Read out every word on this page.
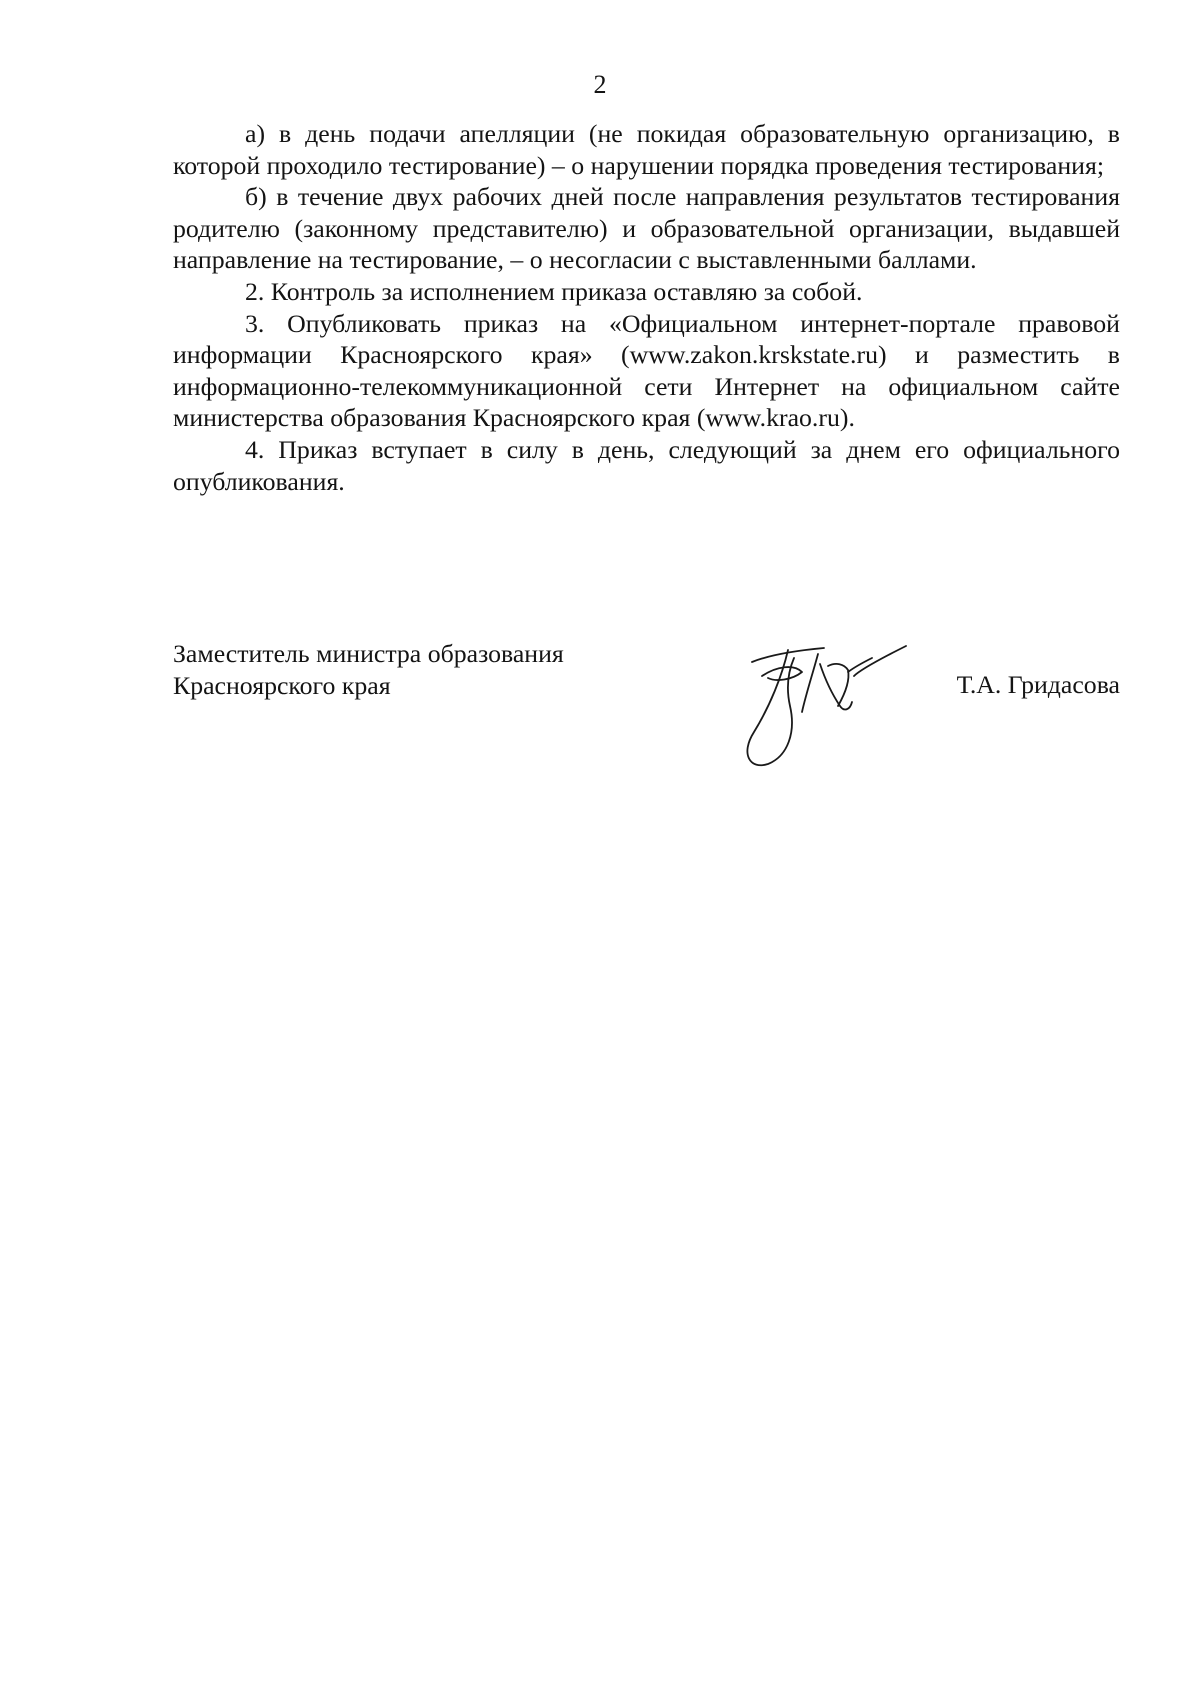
2

а) в день подачи апелляции (не покидая образовательную организацию, в которой проходило тестирование) – о нарушении порядка проведения тестирования;

б) в течение двух рабочих дней после направления результатов тестирования родителю (законному представителю) и образовательной организации, выдавшей направление на тестирование, – о несогласии с выставленными баллами.

2. Контроль за исполнением приказа оставляю за собой.

3. Опубликовать приказ на «Официальном интернет-портале правовой информации Красноярского края» (www.zakon.krskstate.ru) и разместить в информационно-телекоммуникационной сети Интернет на официальном сайте министерства образования Красноярского края (www.krao.ru).

4. Приказ вступает в силу в день, следующий за днем его официального опубликования.

Заместитель министра образования
Красноярского края	Т.А. Гридасова
